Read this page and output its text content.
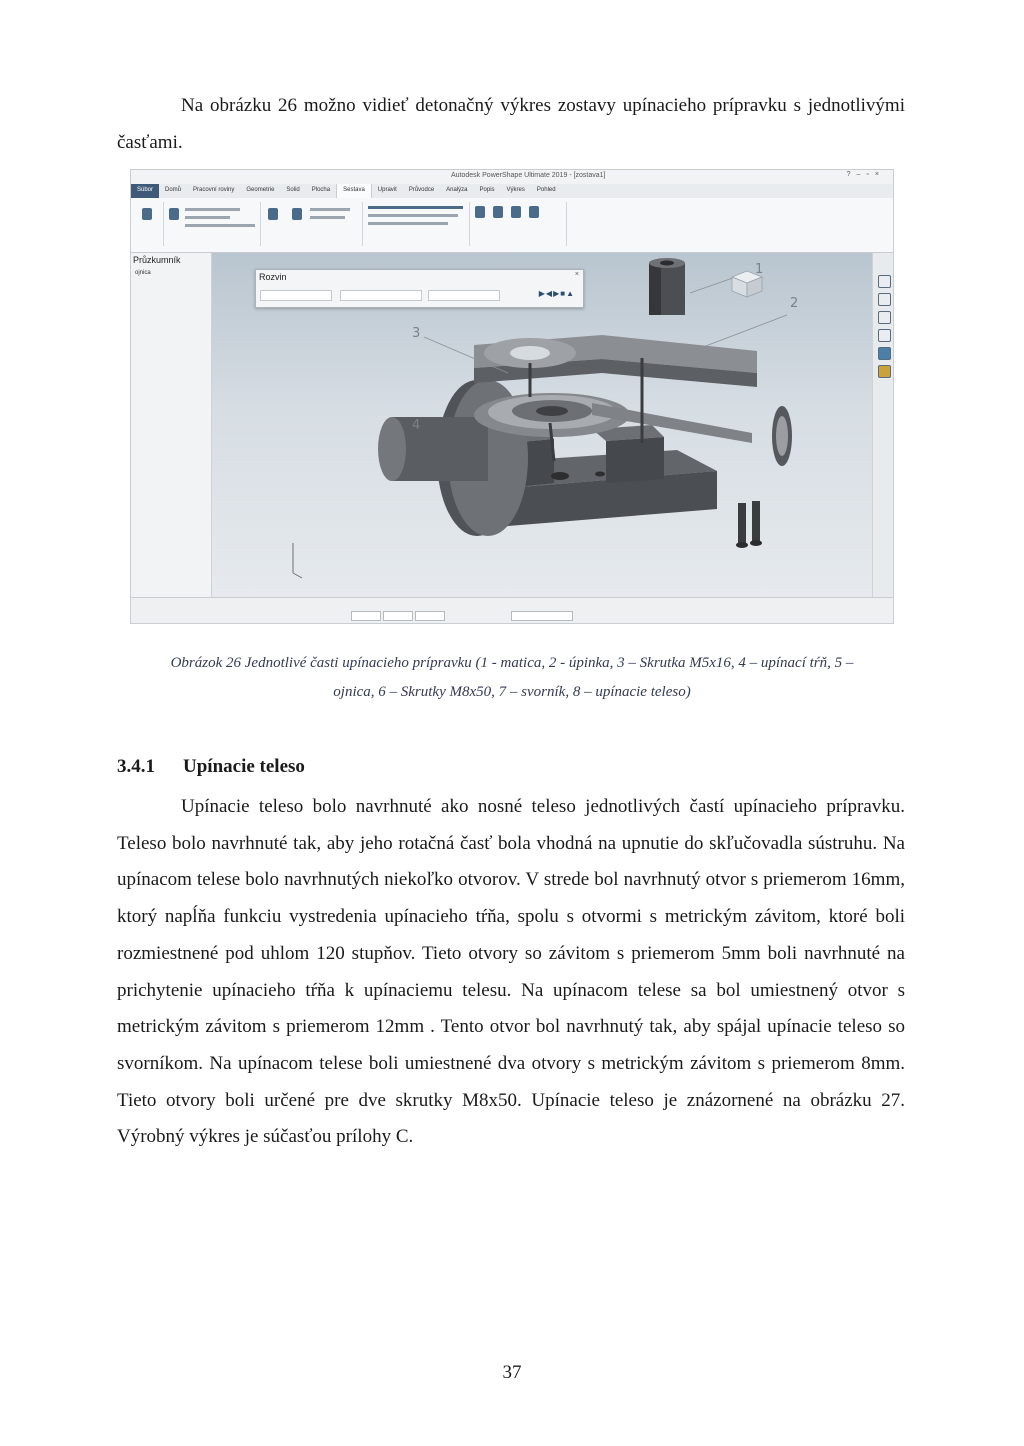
Na obrázku 26 možno vidieť detonačný výkres zostavy upínacieho prípravku s jednotlivými časťami.

Autodesk PowerShape Ultimate 2019 - [zostava1]	?–▫×
Súbor Domů Pracovní roviny Geometrie Solid Plocha Sestava Upravit Průvodce Analýza Popis Výkres Pohled
Průzkumník
ojnica	1
2
3
4
Rozvin	×
▶◀▶■▲

Obrázok 26 Jednotlivé časti upínacieho prípravku (1 - matica, 2 - úpinka, 3 – Skrutka M5x16, 4 – upínací tŕň, 5 – ojnica, 6 – Skrutky M8x50, 7 – svorník, 8 – upínacie teleso)

3.4.1 Upínacie teleso

Upínacie teleso bolo navrhnuté ako nosné teleso jednotlivých častí upínacieho prípravku. Teleso bolo navrhnuté tak, aby jeho rotačná časť bola vhodná na upnutie do skľučovadla sústruhu. Na upínacom telese bolo navrhnutých niekoľko otvorov. V strede bol navrhnutý otvor s priemerom 16mm, ktorý napĺňa funkciu vystredenia upínacieho tŕňa, spolu s otvormi s metrickým závitom, ktoré boli rozmiestnené pod uhlom 120 stupňov. Tieto otvory so závitom s priemerom 5mm boli navrhnuté na prichytenie upínacieho tŕňa k upínaciemu telesu. Na upínacom telese sa bol umiestnený otvor s metrickým závitom s priemerom 12mm . Tento otvor bol navrhnutý tak, aby spájal upínacie teleso so svorníkom. Na upínacom telese boli umiestnené dva otvory s metrickým závitom s priemerom 8mm. Tieto otvory boli určené pre dve skrutky M8x50. Upínacie teleso je znázornené na obrázku 27. Výrobný výkres je súčasťou prílohy C.

37
